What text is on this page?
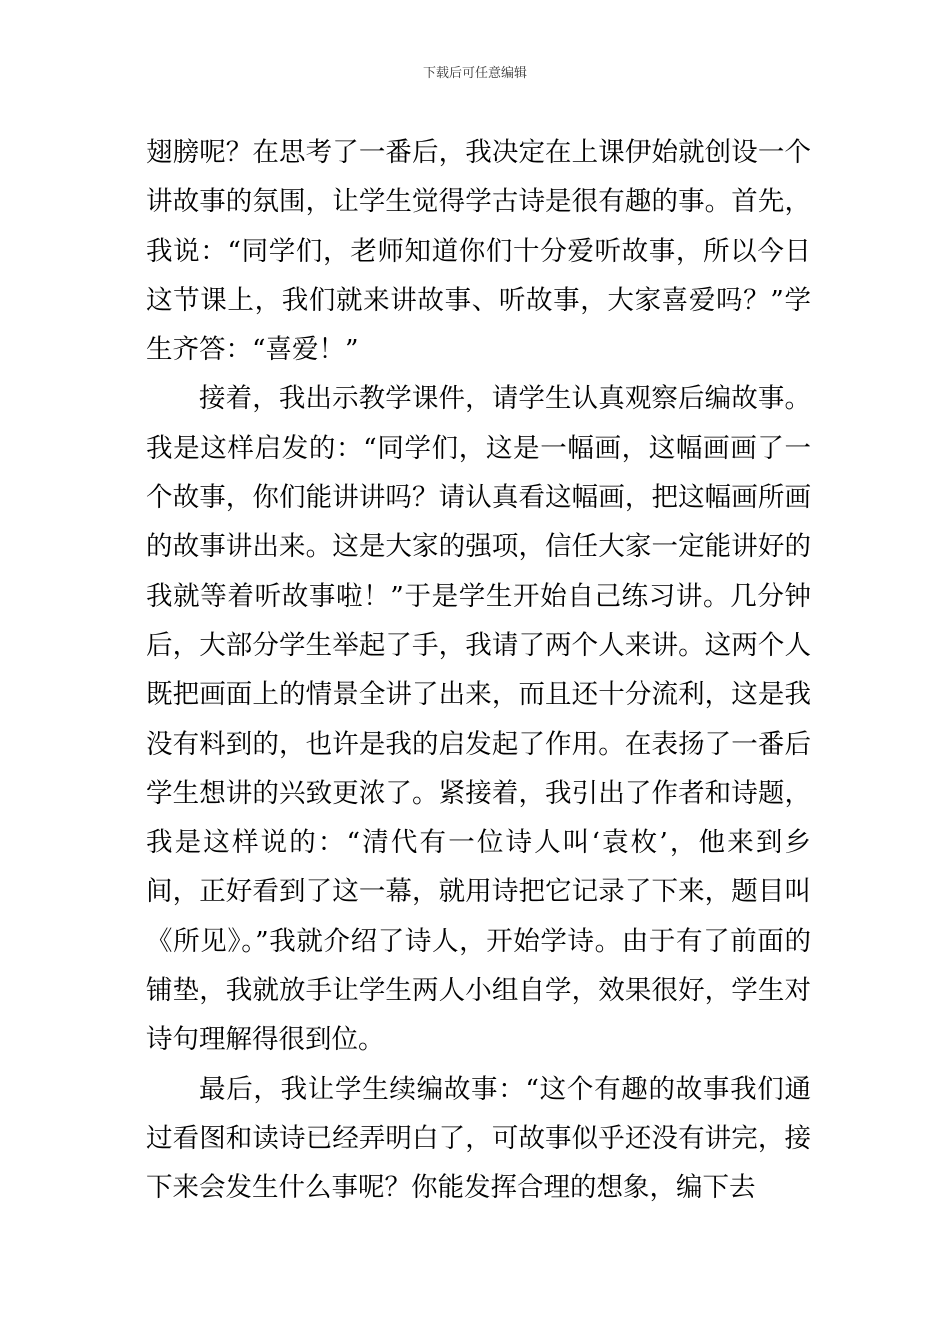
下载后可任意编辑

翅膀呢？在思考了一番后，我决定在上课伊始就创设一个讲故事的氛围，让学生觉得学古诗是很有趣的事。首先，我说：“同学们，老师知道你们十分爱听故事，所以今日这节课上，我们就来讲故事、听故事，大家喜爱吗？”学生齐答：“喜爱！”

接着，我出示教学课件，请学生认真观察后编故事。我是这样启发的：“同学们，这是一幅画，这幅画画了一个故事，你们能讲讲吗？请认真看这幅画，把这幅画所画的故事讲出来。这是大家的强项，信任大家一定能讲好的我就等着听故事啦！”于是学生开始自己练习讲。几分钟后，大部分学生举起了手，我请了两个人来讲。这两个人既把画面上的情景全讲了出来，而且还十分流利，这是我没有料到的，也许是我的启发起了作用。在表扬了一番后学生想讲的兴致更浓了。紧接着，我引出了作者和诗题，我是这样说的：“清代有一位诗人叫‘袁枚’，他来到乡间，正好看到了这一幕，就用诗把它记录了下来，题目叫《所见》。”我就介绍了诗人，开始学诗。由于有了前面的铺垫，我就放手让学生两人小组自学，效果很好，学生对诗句理解得很到位。

最后，我让学生续编故事：“这个有趣的故事我们通过看图和读诗已经弄明白了，可故事似乎还没有讲完，接下来会发生什么事呢？你能发挥合理的想象，编下去
